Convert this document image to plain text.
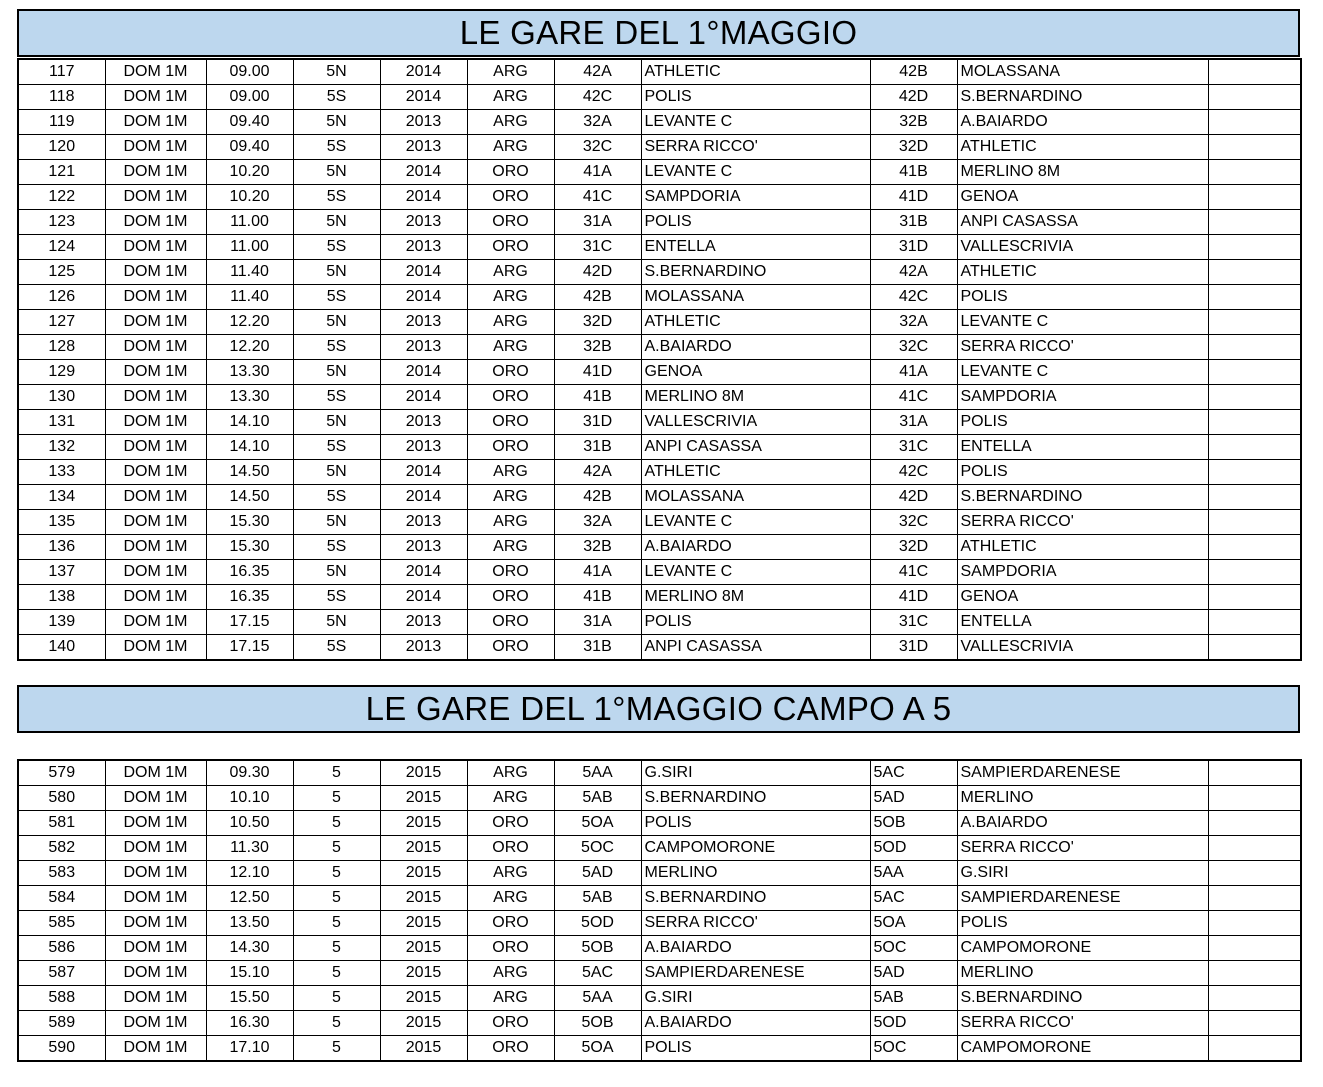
LE GARE DEL 1°MAGGIO
117	DOM 1M	09.00	5N	2014	ARG	42A	ATHLETIC	42B	MOLASSANA	
118	DOM 1M	09.00	5S	2014	ARG	42C	POLIS	42D	S.BERNARDINO	
119	DOM 1M	09.40	5N	2013	ARG	32A	LEVANTE C	32B	A.BAIARDO	
120	DOM 1M	09.40	5S	2013	ARG	32C	SERRA RICCO'	32D	ATHLETIC	
121	DOM 1M	10.20	5N	2014	ORO	41A	LEVANTE C	41B	MERLINO 8M	
122	DOM 1M	10.20	5S	2014	ORO	41C	SAMPDORIA	41D	GENOA	
123	DOM 1M	11.00	5N	2013	ORO	31A	POLIS	31B	ANPI CASASSA	
124	DOM 1M	11.00	5S	2013	ORO	31C	ENTELLA	31D	VALLESCRIVIA	
125	DOM 1M	11.40	5N	2014	ARG	42D	S.BERNARDINO	42A	ATHLETIC	
126	DOM 1M	11.40	5S	2014	ARG	42B	MOLASSANA	42C	POLIS	
127	DOM 1M	12.20	5N	2013	ARG	32D	ATHLETIC	32A	LEVANTE C	
128	DOM 1M	12.20	5S	2013	ARG	32B	A.BAIARDO	32C	SERRA RICCO'	
129	DOM 1M	13.30	5N	2014	ORO	41D	GENOA	41A	LEVANTE C	
130	DOM 1M	13.30	5S	2014	ORO	41B	MERLINO 8M	41C	SAMPDORIA	
131	DOM 1M	14.10	5N	2013	ORO	31D	VALLESCRIVIA	31A	POLIS	
132	DOM 1M	14.10	5S	2013	ORO	31B	ANPI CASASSA	31C	ENTELLA	
133	DOM 1M	14.50	5N	2014	ARG	42A	ATHLETIC	42C	POLIS	
134	DOM 1M	14.50	5S	2014	ARG	42B	MOLASSANA	42D	S.BERNARDINO	
135	DOM 1M	15.30	5N	2013	ARG	32A	LEVANTE C	32C	SERRA RICCO'	
136	DOM 1M	15.30	5S	2013	ARG	32B	A.BAIARDO	32D	ATHLETIC	
137	DOM 1M	16.35	5N	2014	ORO	41A	LEVANTE C	41C	SAMPDORIA	
138	DOM 1M	16.35	5S	2014	ORO	41B	MERLINO 8M	41D	GENOA	
139	DOM 1M	17.15	5N	2013	ORO	31A	POLIS	31C	ENTELLA	
140	DOM 1M	17.15	5S	2013	ORO	31B	ANPI CASASSA	31D	VALLESCRIVIA	
LE GARE DEL 1°MAGGIO CAMPO A 5
579	DOM 1M	09.30	5	2015	ARG	5AA	G.SIRI	5AC	SAMPIERDARENESE	
580	DOM 1M	10.10	5	2015	ARG	5AB	S.BERNARDINO	5AD	MERLINO	
581	DOM 1M	10.50	5	2015	ORO	5OA	POLIS	5OB	A.BAIARDO	
582	DOM 1M	11.30	5	2015	ORO	5OC	CAMPOMORONE	5OD	SERRA RICCO'	
583	DOM 1M	12.10	5	2015	ARG	5AD	MERLINO	5AA	G.SIRI	
584	DOM 1M	12.50	5	2015	ARG	5AB	S.BERNARDINO	5AC	SAMPIERDARENESE	
585	DOM 1M	13.50	5	2015	ORO	5OD	SERRA RICCO'	5OA	POLIS	
586	DOM 1M	14.30	5	2015	ORO	5OB	A.BAIARDO	5OC	CAMPOMORONE	
587	DOM 1M	15.10	5	2015	ARG	5AC	SAMPIERDARENESE	5AD	MERLINO	
588	DOM 1M	15.50	5	2015	ARG	5AA	G.SIRI	5AB	S.BERNARDINO	
589	DOM 1M	16.30	5	2015	ORO	5OB	A.BAIARDO	5OD	SERRA RICCO'	
590	DOM 1M	17.10	5	2015	ORO	5OA	POLIS	5OC	CAMPOMORONE	
